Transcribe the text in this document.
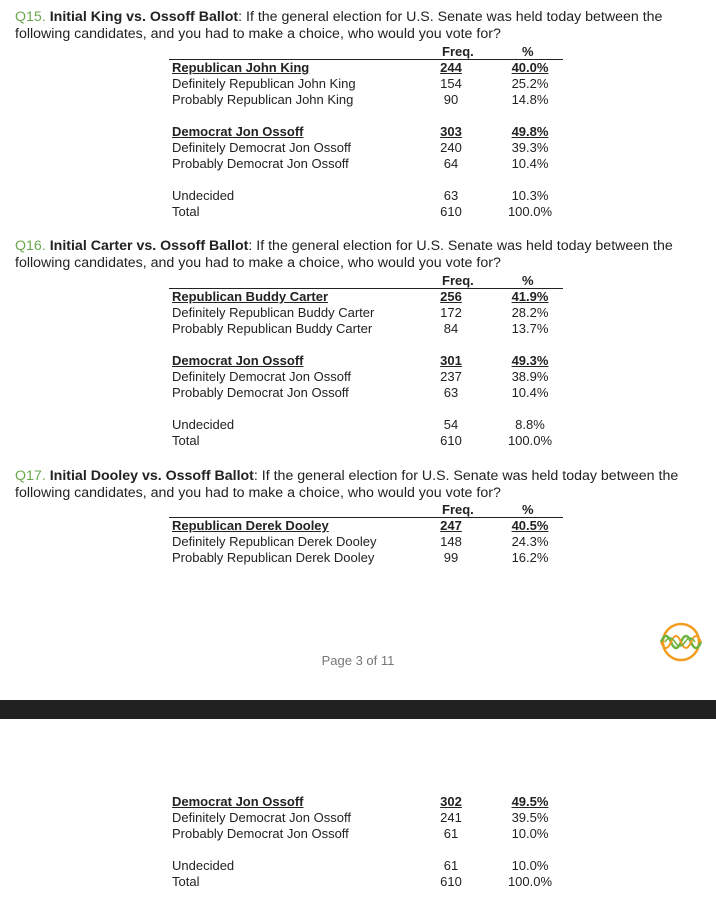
Q15. Initial King vs. Ossoff Ballot: If the general election for U.S. Senate was held today between the
following candidates, and you had to make a choice, who would you vote for?
Freq.	%
Republican John King	244	40.0%
Definitely Republican John King	154	25.2%
Probably Republican John King	90	14.8%
Democrat Jon Ossoff	303	49.8%
Definitely Democrat Jon Ossoff	240	39.3%
Probably Democrat Jon Ossoff	64	10.4%
Undecided	63	10.3%
Total	610	100.0%
Q16. Initial Carter vs. Ossoff Ballot: If the general election for U.S. Senate was held today between the
following candidates, and you had to make a choice, who would you vote for?
Freq.	%
Republican Buddy Carter	256	41.9%
Definitely Republican Buddy Carter	172	28.2%
Probably Republican Buddy Carter	84	13.7%
Democrat Jon Ossoff	301	49.3%
Definitely Democrat Jon Ossoff	237	38.9%
Probably Democrat Jon Ossoff	63	10.4%
Undecided	54	8.8%
Total	610	100.0%
Q17. Initial Dooley vs. Ossoff Ballot: If the general election for U.S. Senate was held today between the
following candidates, and you had to make a choice, who would you vote for?
Freq.	%
Republican Derek Dooley	247	40.5%
Definitely Republican Derek Dooley	148	24.3%
Probably Republican Derek Dooley	99	16.2%
Page 3 of 11
Democrat Jon Ossoff	302	49.5%
Definitely Democrat Jon Ossoff	241	39.5%
Probably Democrat Jon Ossoff	61	10.0%
Undecided	61	10.0%
Total	610	100.0%
